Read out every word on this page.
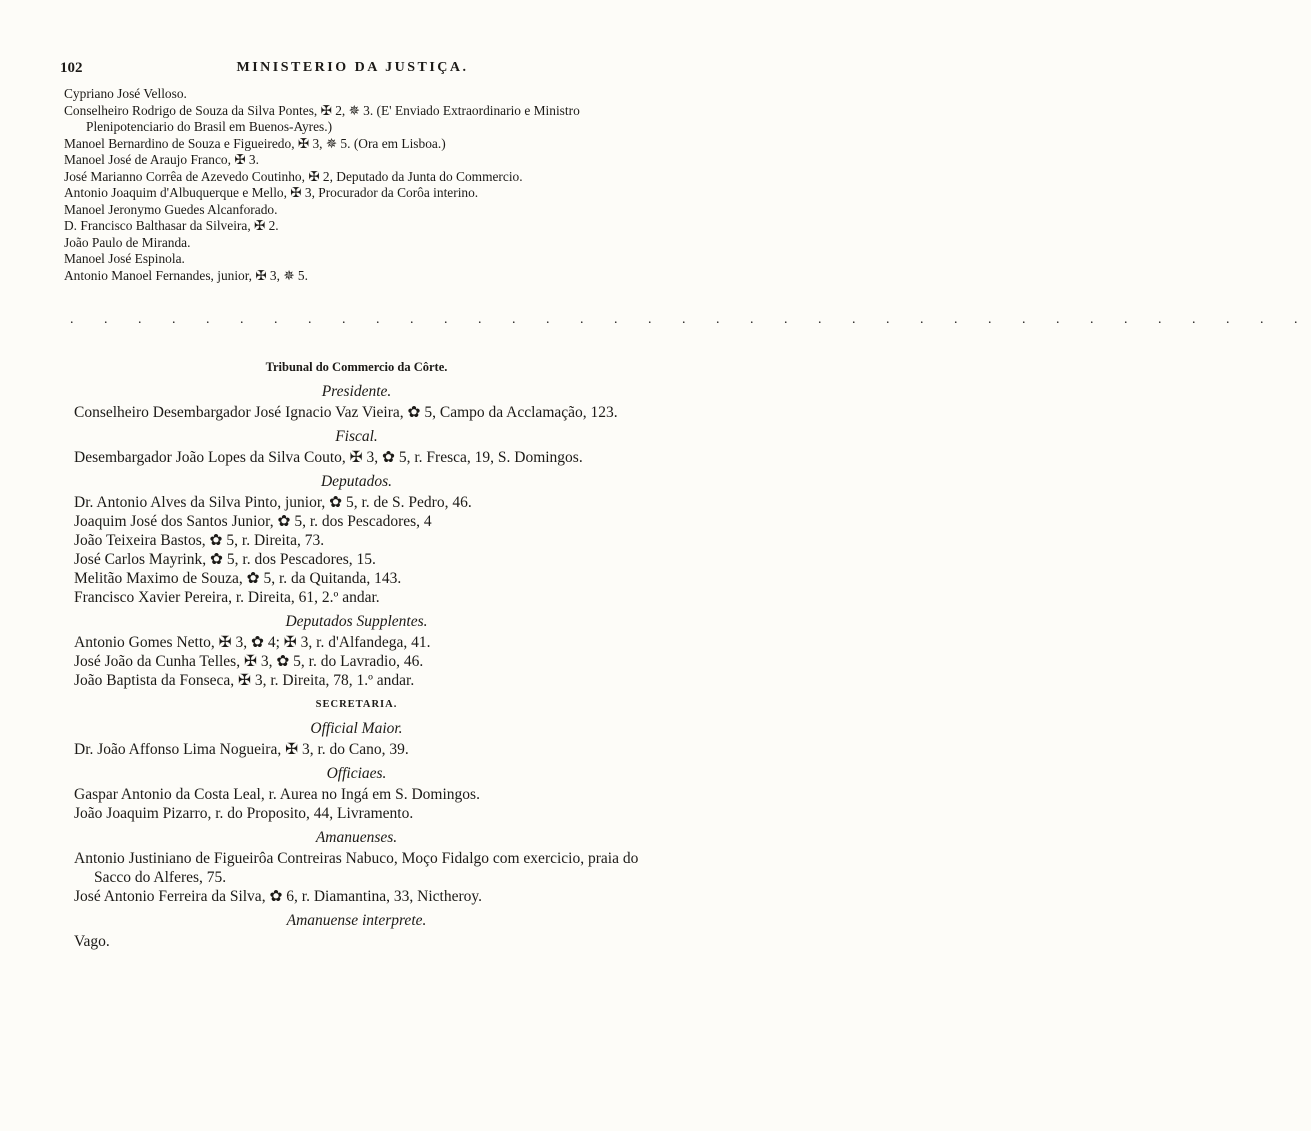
102	MINISTERIO DA JUSTIÇA.
Cypriano José Velloso.
Conselheiro Rodrigo de Souza da Silva Pontes, ✠ 2, ✵ 3. (E' Enviado Extraordinario e Ministro Plenipotenciario do Brasil em Buenos-Ayres.)
Manoel Bernardino de Souza e Figueiredo, ✠ 3, ✵ 5. (Ora em Lisboa.)
Manoel José de Araujo Franco, ✠ 3.
José Marianno Corrêa de Azevedo Coutinho, ✠ 2, Deputado da Junta do Commercio.
Antonio Joaquim d'Albuquerque e Mello, ✠ 3, Procurador da Corôa interino.
Manoel Jeronymo Guedes Alcanforado.
D. Francisco Balthasar da Silveira, ✠ 2.
João Paulo de Miranda.
Manoel José Espinola.
Antonio Manoel Fernandes, junior, ✠ 3, ✵ 5.
. . . . . . . . . . . . . . . . . . . . . . . . . . . . . . . . . . . . .
Tribunal do Commercio da Côrte.
Presidente.
Conselheiro Desembargador José Ignacio Vaz Vieira, ✿ 5, Campo da Acclamação, 123.
Fiscal.
Desembargador João Lopes da Silva Couto, ✠ 3, ✿ 5, r. Fresca, 19, S. Domingos.
Deputados.
Dr. Antonio Alves da Silva Pinto, junior, ✿ 5, r. de S. Pedro, 46.
Joaquim José dos Santos Junior, ✿ 5, r. dos Pescadores, 4
João Teixeira Bastos, ✿ 5, r. Direita, 73.
José Carlos Mayrink, ✿ 5, r. dos Pescadores, 15.
Melitão Maximo de Souza, ✿ 5, r. da Quitanda, 143.
Francisco Xavier Pereira, r. Direita, 61, 2.º andar.
Deputados Supplentes.
Antonio Gomes Netto, ✠ 3, ✿ 4; ✠ 3, r. d'Alfandega, 41.
José João da Cunha Telles, ✠ 3, ✿ 5, r. do Lavradio, 46.
João Baptista da Fonseca, ✠ 3, r. Direita, 78, 1.º andar.
SECRETARIA.
Official Maior.
Dr. João Affonso Lima Nogueira, ✠ 3, r. do Cano, 39.
Officiaes.
Gaspar Antonio da Costa Leal, r. Aurea no Ingá em S. Domingos.
João Joaquim Pizarro, r. do Proposito, 44, Livramento.
Amanuenses.
Antonio Justiniano de Figueirôa Contreiras Nabuco, Moço Fidalgo com exercicio, praia do Sacco do Alferes, 75.
José Antonio Ferreira da Silva, ✿ 6, r. Diamantina, 33, Nictheroy.
Amanuense interprete.
Vago.
